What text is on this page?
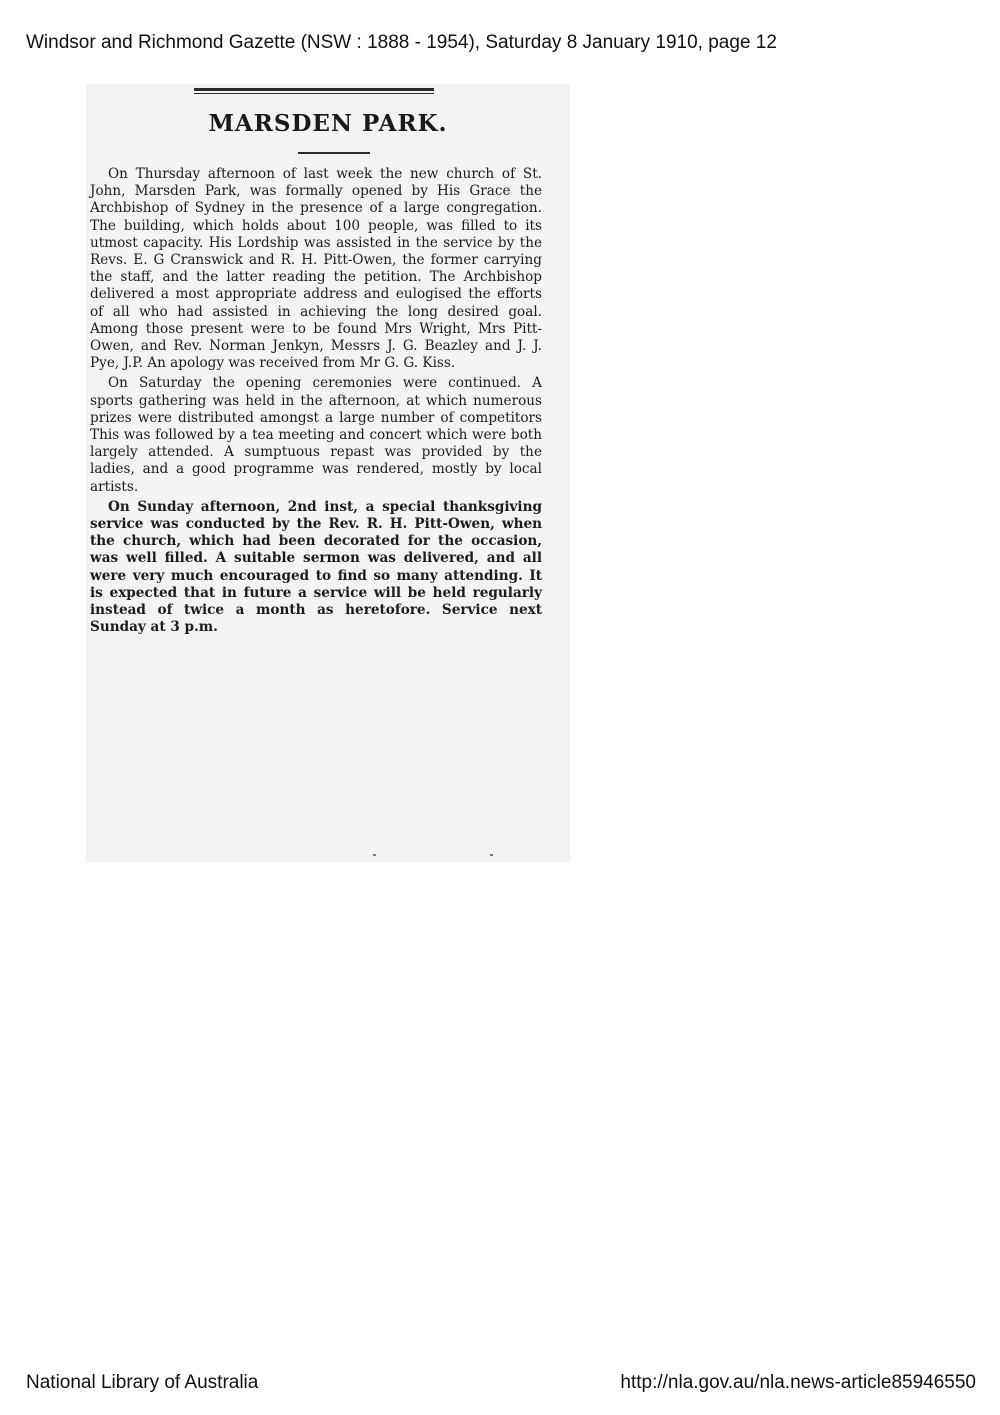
Windsor and Richmond Gazette (NSW : 1888 - 1954), Saturday 8 January 1910, page 12
MARSDEN PARK.

On Thursday afternoon of last week the new church of St. John, Marsden Park, was formally opened by His Grace the Archbishop of Sydney in the presence of a large congregation. The building, which holds about 100 people, was filled to its utmost capacity. His Lordship was assisted in the service by the Revs. E. G Cranswick and R. H. Pitt-Owen, the former carrying the staff, and the latter reading the petition. The Archbishop delivered a most appropriate address and eulogised the efforts of all who had assisted in achieving the long desired goal. Among those present were to be found Mrs Wright, Mrs Pitt-Owen, and Rev. Norman Jenkyn, Messrs J. G. Beazley and J. J. Pye, J.P. An apology was received from Mr G. G. Kiss.

On Saturday the opening ceremonies were continued. A sports gathering was held in the afternoon, at which numerous prizes were distributed amongst a large number of competitors This was followed by a tea meeting and concert which were both largely attended. A sumptuous repast was provided by the ladies, and a good programme was rendered, mostly by local artists.

On Sunday afternoon, 2nd inst, a special thanksgiving service was conducted by the Rev. R. H. Pitt-Owen, when the church, which had been decorated for the occasion, was well filled. A suitable sermon was delivered, and all were very much encouraged to find so many attending. It is expected that in future a service will be held regularly instead of twice a month as heretofore. Service next Sunday at 3 p.m.

National Library of Australia	http://nla.gov.au/nla.news-article85946550
